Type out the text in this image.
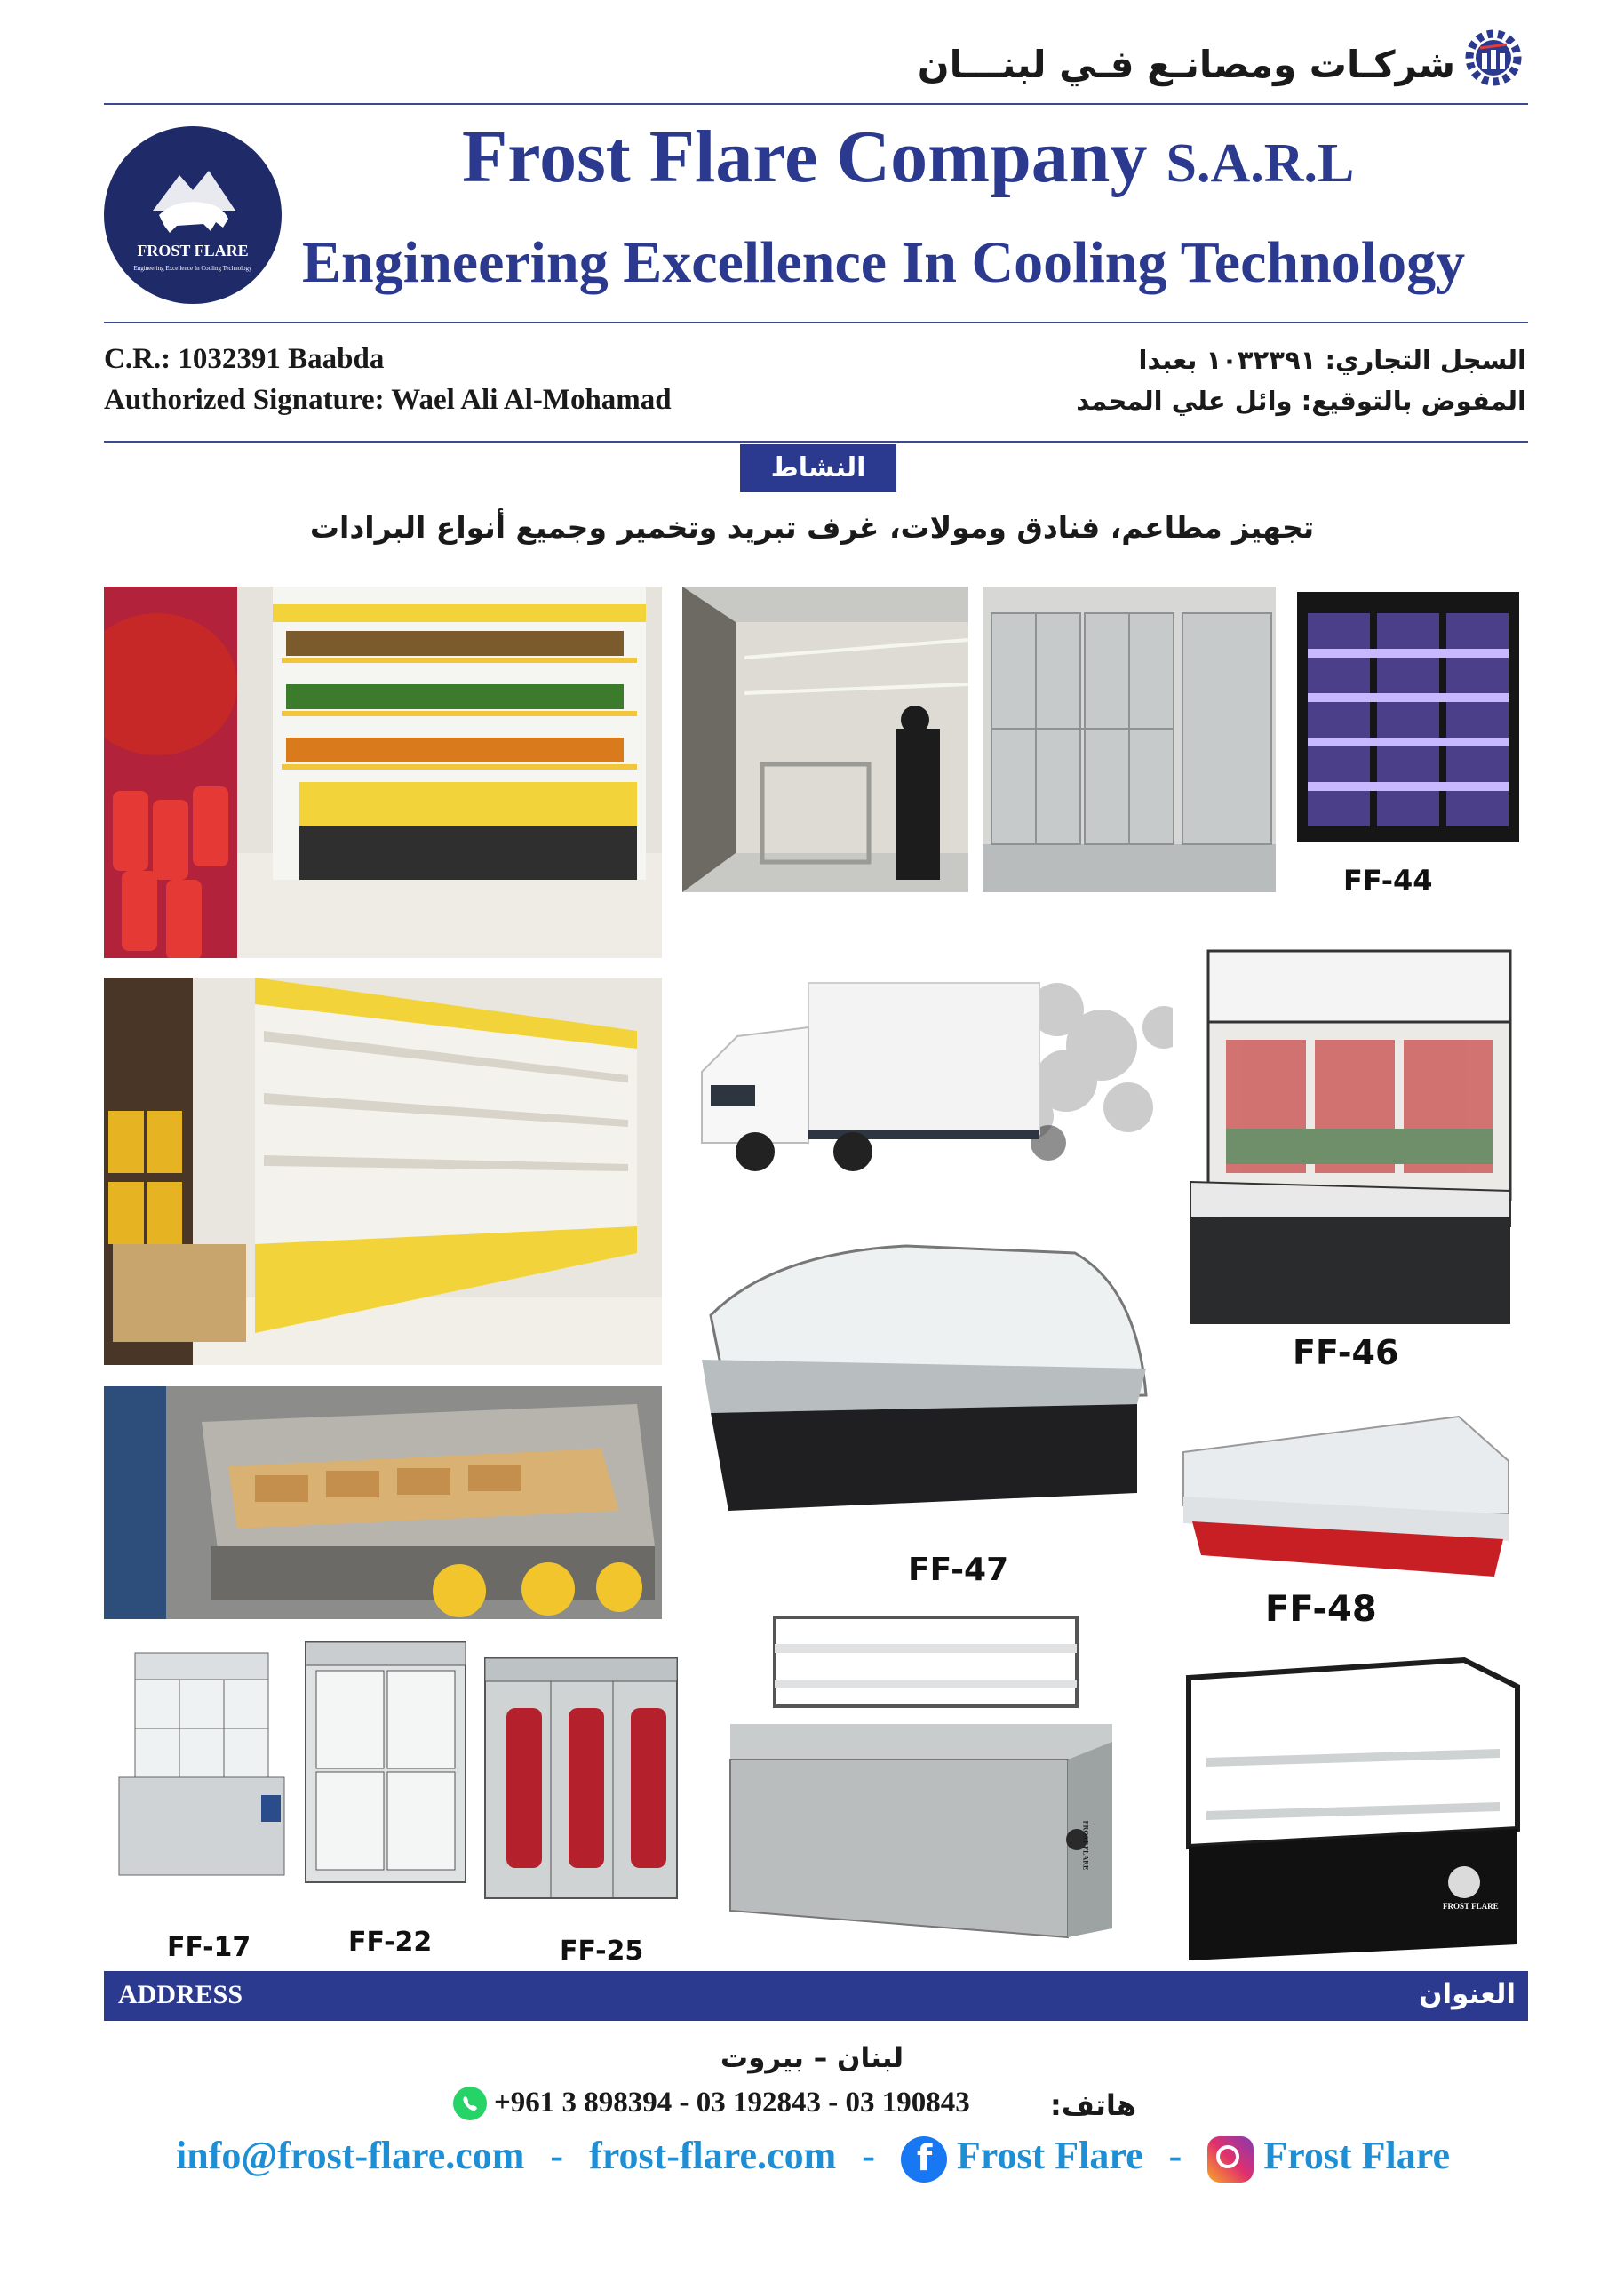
شركـات ومصانـع فـي لبنـــان
FROST FLARE
Engineering Excellence In Cooling Technology
Frost Flare Company S.A.R.L
Engineering Excellence In Cooling Technology
C.R.: 1032391 Baabda
Authorized Signature: Wael Ali Al-Mohamad
السجل التجاري: ١٠٣٢٣٩١ بعبدا
المفوض بالتوقيع: وائل علي المحمد
النشاط
تجهيز مطاعم، فنادق ومولات، غرف تبريد وتخمير وجميع أنواع البرادات
FF-44
FF-46
FF-47
FF-48
FF-17	FF-22	FF-25
FROST FLARE
FROST FLARE
ADDRESS	العنوان
لبنان – بيروت
+961 3 898394 - 03 192843 - 03 190843	هاتف:
info@frost-flare.com - frost-flare.com - f Frost Flare - Frost Flare
